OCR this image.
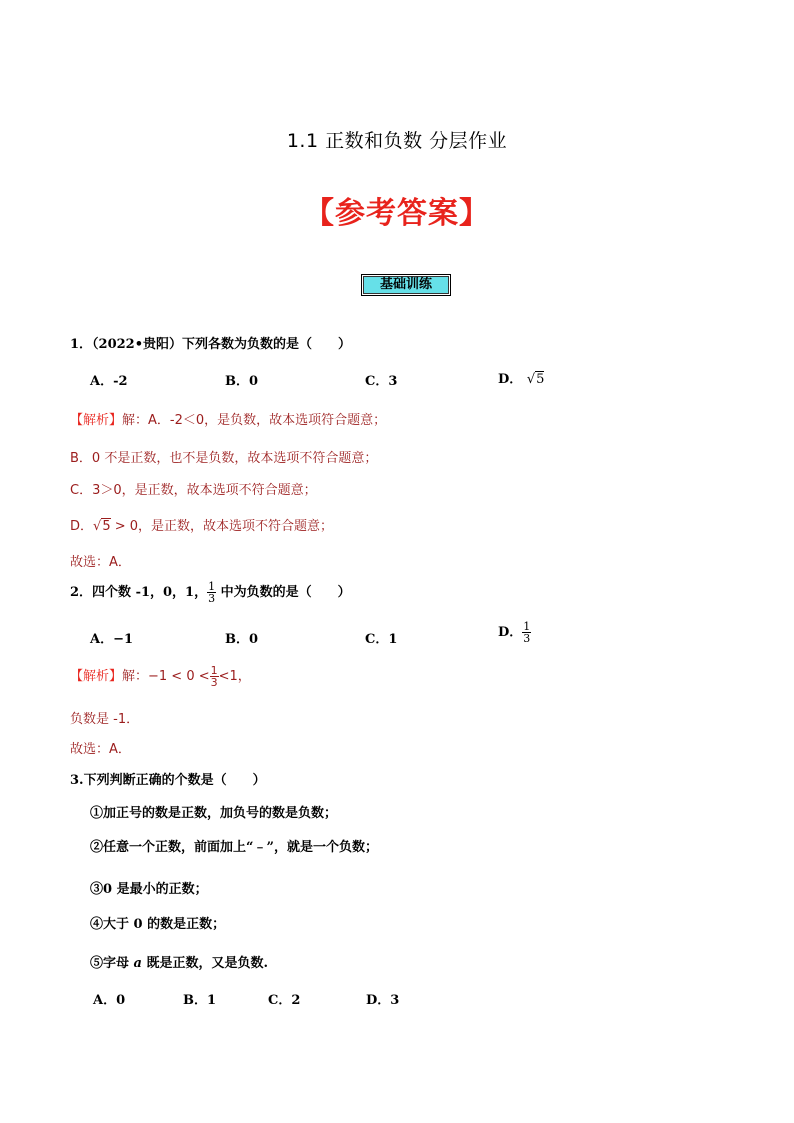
1.1 正数和负数 分层作业
【参考答案】
基础训练
1．（2022•贵阳）下列各数为负数的是（　　）
A．-2	B．0	C．3	D． √5
【解析】解：A．-2＜0，是负数，故本选项符合题意；
B．0 不是正数，也不是负数，故本选项不符合题意；
C．3＞0，是正数，故本选项不符合题意；
D．√5 > 0，是正数，故本选项不符合题意；
故选：A．
2．四个数 -1，0，1， $\frac{1}{3}$ 中为负数的是（　　）
A．−1	B．0	C．1	D． $\frac{1}{3}$
【解析】解：$-1 < 0 < \frac{1}{3} <1$，
负数是 -1．
故选：A．
3.下列判断正确的个数是（　　）
①加正号的数是正数，加负号的数是负数；
②任意一个正数，前面加上“﹣”，就是一个负数；
③0 是最小的正数；
④大于 0 的数是正数；
⑤字母 a 既是正数，又是负数.
A．0	B．1	C．2	D．3
